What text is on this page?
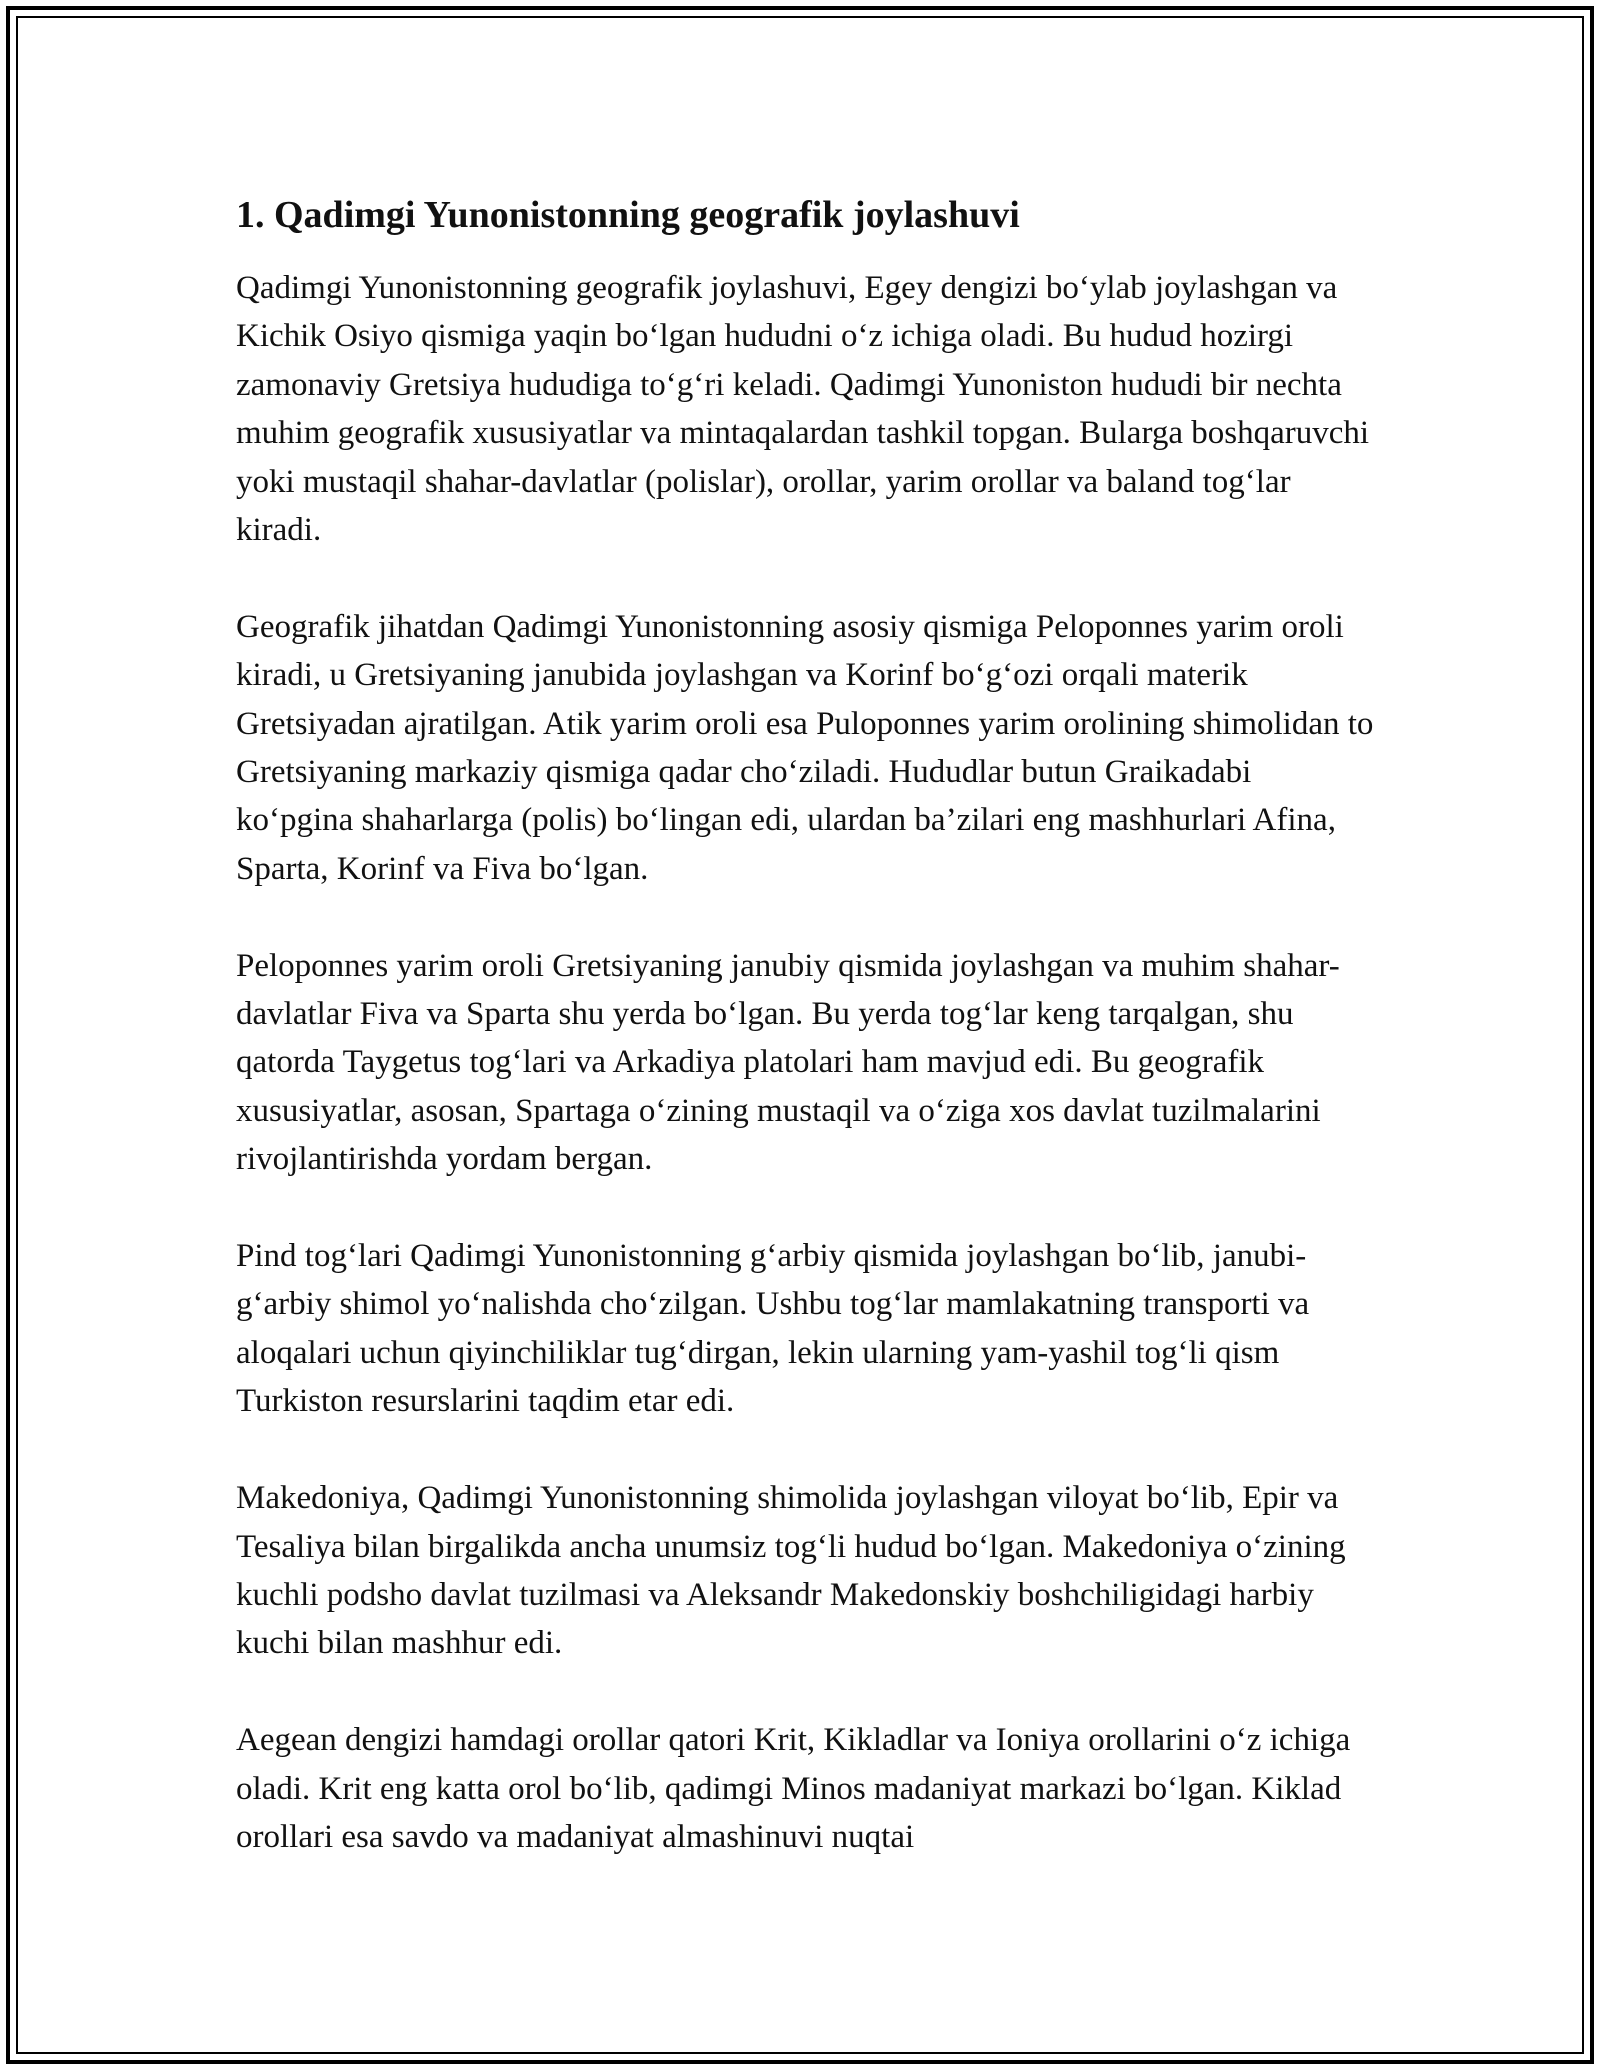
1. Qadimgi Yunonistonning geografik joylashuvi

Qadimgi Yunonistonning geografik joylashuvi, Egey dengizi bo‘ylab joylashgan va Kichik Osiyo qismiga yaqin bo‘lgan hududni o‘z ichiga oladi. Bu hudud hozirgi zamonaviy Gretsiya hududiga to‘g‘ri keladi. Qadimgi Yunoniston hududi bir nechta muhim geografik xususiyatlar va mintaqalardan tashkil topgan. Bularga boshqaruvchi yoki mustaqil shahar-davlatlar (polislar), orollar, yarim orollar va baland tog‘lar kiradi.

Geografik jihatdan Qadimgi Yunonistonning asosiy qismiga Peloponnes yarim oroli kiradi, u Gretsiyaning janubida joylashgan va Korinf bo‘g‘ozi orqali materik Gretsiyadan ajratilgan. Atik yarim oroli esa Puloponnes yarim orolining shimolidan to Gretsiyaning markaziy qismiga qadar cho‘ziladi. Hududlar butun Graikadabi ko‘pgina shaharlarga (polis) bo‘lingan edi, ulardan ba’zilari eng mashhurlari Afina, Sparta, Korinf va Fiva bo‘lgan.

Peloponnes yarim oroli Gretsiyaning janubiy qismida joylashgan va muhim shahar-davlatlar Fiva va Sparta shu yerda bo‘lgan. Bu yerda tog‘lar keng tarqalgan, shu qatorda Taygetus tog‘lari va Arkadiya platolari ham mavjud edi. Bu geografik xususiyatlar, asosan, Spartaga o‘zining mustaqil va o‘ziga xos davlat tuzilmalarini rivojlantirishda yordam bergan.

Pind tog‘lari Qadimgi Yunonistonning g‘arbiy qismida joylashgan bo‘lib, janubi-g‘arbiy shimol yo‘nalishda cho‘zilgan. Ushbu tog‘lar mamlakatning transporti va aloqalari uchun qiyinchiliklar tug‘dirgan, lekin ularning yam-yashil tog‘li qism Turkiston resurslarini taqdim etar edi.

Makedoniya, Qadimgi Yunonistonning shimolida joylashgan viloyat bo‘lib, Epir va Tesaliya bilan birgalikda ancha unumsiz tog‘li hudud bo‘lgan. Makedoniya o‘zining kuchli podsho davlat tuzilmasi va Aleksandr Makedonskiy boshchiligidagi harbiy kuchi bilan mashhur edi.

Aegean dengizi hamdagi orollar qatori Krit, Kikladlar va Ioniya orollarini o‘z ichiga oladi. Krit eng katta orol bo‘lib, qadimgi Minos madaniyat markazi bo‘lgan. Kiklad orollari esa savdo va madaniyat almashinuvi nuqtai
